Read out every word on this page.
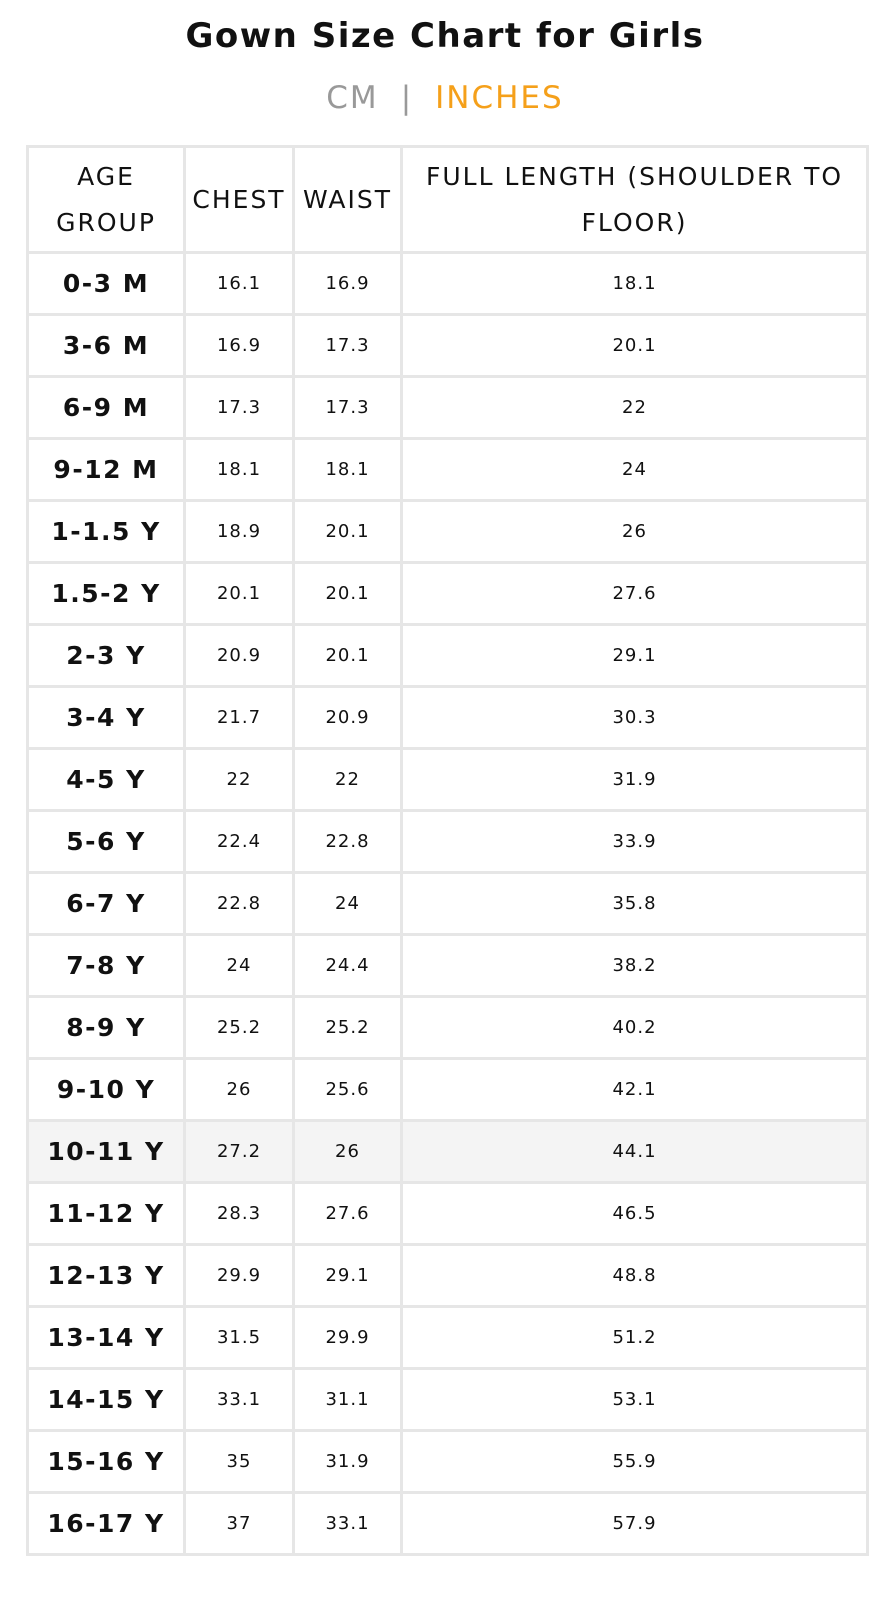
Gown Size Chart for Girls
CM | INCHES
AGE GROUP	CHEST	WAIST	FULL LENGTH (SHOULDER TO FLOOR)
0-3 M	16.1	16.9	18.1
3-6 M	16.9	17.3	20.1
6-9 M	17.3	17.3	22
9-12 M	18.1	18.1	24
1-1.5 Y	18.9	20.1	26
1.5-2 Y	20.1	20.1	27.6
2-3 Y	20.9	20.1	29.1
3-4 Y	21.7	20.9	30.3
4-5 Y	22	22	31.9
5-6 Y	22.4	22.8	33.9
6-7 Y	22.8	24	35.8
7-8 Y	24	24.4	38.2
8-9 Y	25.2	25.2	40.2
9-10 Y	26	25.6	42.1
10-11 Y	27.2	26	44.1
11-12 Y	28.3	27.6	46.5
12-13 Y	29.9	29.1	48.8
13-14 Y	31.5	29.9	51.2
14-15 Y	33.1	31.1	53.1
15-16 Y	35	31.9	55.9
16-17 Y	37	33.1	57.9
